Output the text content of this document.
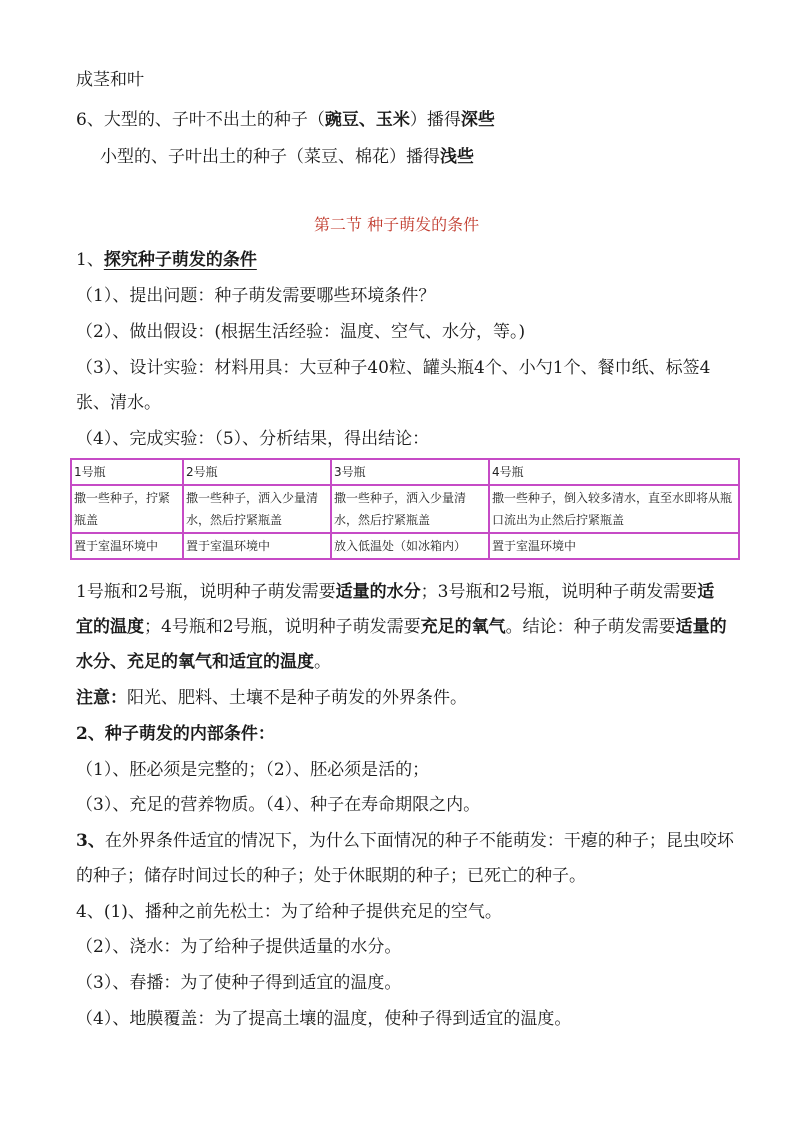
成茎和叶
6、大型的、子叶不出土的种子（豌豆、玉米）播得深些
小型的、子叶出土的种子（菜豆、棉花）播得浅些
第二节 种子萌发的条件
1、探究种子萌发的条件
（1）、提出问题：种子萌发需要哪些环境条件？
（2）、做出假设：(根据生活经验：温度、空气、水分，等。)
（3）、设计实验：材料用具：大豆种子40粒、罐头瓶4个、小勺1个、餐巾纸、标签4
张、清水。
（4）、完成实验：（5）、分析结果，得出结论：
1号瓶	2号瓶	3号瓶	4号瓶
撒一些种子，拧紧瓶盖	撒一些种子，洒入少量清水，然后拧紧瓶盖	撒一些种子，洒入少量清水，然后拧紧瓶盖	撒一些种子，倒入较多清水，直至水即将从瓶口流出为止然后拧紧瓶盖
置于室温环境中	置于室温环境中	放入低温处（如冰箱内）	置于室温环境中
1号瓶和2号瓶，说明种子萌发需要适量的水分；3号瓶和2号瓶，说明种子萌发需要适
宜的温度；4号瓶和2号瓶，说明种子萌发需要充足的氧气。结论：种子萌发需要适量的
水分、充足的氧气和适宜的温度。
注意：阳光、肥料、土壤不是种子萌发的外界条件。
2、种子萌发的内部条件：
（1）、胚必须是完整的；（2）、胚必须是活的；
（3）、充足的营养物质。（4）、种子在寿命期限之内。
3、在外界条件适宜的情况下，为什么下面情况的种子不能萌发：干瘪的种子；昆虫咬坏
的种子；储存时间过长的种子；处于休眠期的种子；已死亡的种子。
4、(1)、播种之前先松土：为了给种子提供充足的空气。
（2）、浇水：为了给种子提供适量的水分。
（3）、春播：为了使种子得到适宜的温度。
（4）、地膜覆盖：为了提高土壤的温度，使种子得到适宜的温度。
